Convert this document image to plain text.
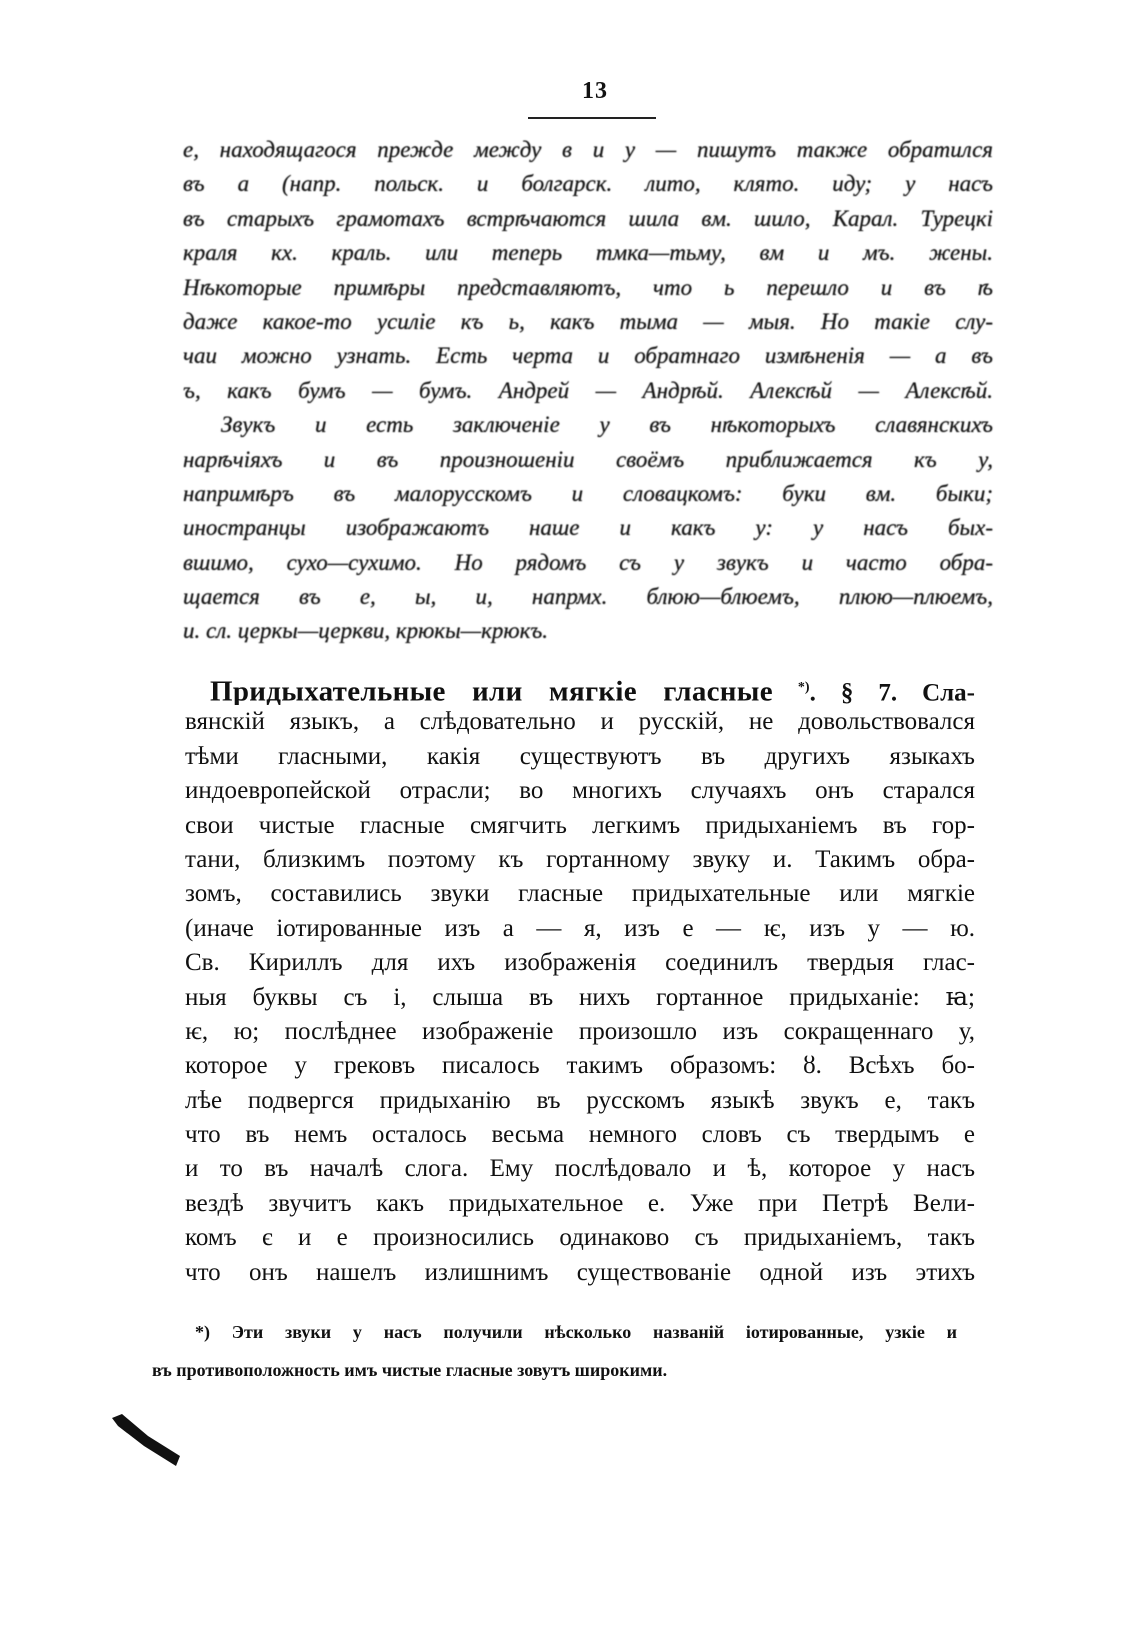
13
е, находящагося прежде между в и у — пишутъ также обратился
въ а (напр. польск. и болгарск. лито, клято. иду; у насъ
въ старыхъ грамотахъ встрѣчаются шила вм. шило, Карал. Турецкі
краля кх. краль. или теперь тмка—тьму, вм и мъ. жены.
Нѣкоторые примѣры представляютъ, что ь перешло и въ ѣ
даже какое-то усиліе къ ь, какъ тыма — мыя. Но такіе слу-
чаи можно узнать. Есть черта и обратнаго измѣненія — а въ
ъ, какъ бумъ — бумъ. Андрей — Андрѣй. Алексѣй — Алексѣй.
Звукъ и есть заключеніе у въ нѣкоторыхъ славянскихъ
нарѣчіяхъ и въ произношеніи своёмъ приближается къ у,
напримѣръ въ малорусскомъ и словацкомъ: буки вм. быки;
иностранцы изображаютъ наше и какъ у: у насъ бых-
вшимо, сухо—сухимо. Но рядомъ съ у звукъ и часто обра-
щается въ е, ы, и, напрмх. блюю—блюемъ, плюю—плюемъ,
и. сл. церкы—церкви, крюкы—крюкъ.
Придыхательные или мягкіе гласные *). § 7. Сла-
вянскій языкъ, а слѣдовательно и русскій, не довольствовался
тѣми гласными, какія существуютъ въ другихъ языкахъ
индоевропейской отрасли; во многихъ случаяхъ онъ старался
свои чистые гласные смягчить легкимъ придыханіемъ въ гор-
тани, близкимъ поэтому къ гортанному звуку и. Такимъ обра-
зомъ, составились звуки гласные придыхательные или мягкіе
(иначе іотированные изъ а — я, изъ е — ѥ, изъ у — ю.
Св. Кириллъ для ихъ изображенія соединилъ твердыя глас-
ныя буквы съ і, слыша въ нихъ гортанное придыханіе: ꙗ;
ѥ, ю; послѣднее изображеніе произошло изъ сокращеннаго у,
которое у грековъ писалось такимъ образомъ: ȣ. Всѣхъ бо-
лѣе подвергся придыханію въ русскомъ языкѣ звукъ е, такъ
что въ немъ осталось весьма немного словъ съ твердымъ е
и то въ началѣ слога. Ему послѣдовало и ѣ, которое у насъ
вездѣ звучитъ какъ придыхательное е. Уже при Петрѣ Вели-
комъ є и е произносились одинаково съ придыханіемъ, такъ
что онъ нашелъ излишнимъ существованіе одной изъ этихъ
*) Эти звуки у насъ получили нѣсколько названій іотированные, узкіе и
въ противоположность имъ чистые гласные зовутъ широкими.
